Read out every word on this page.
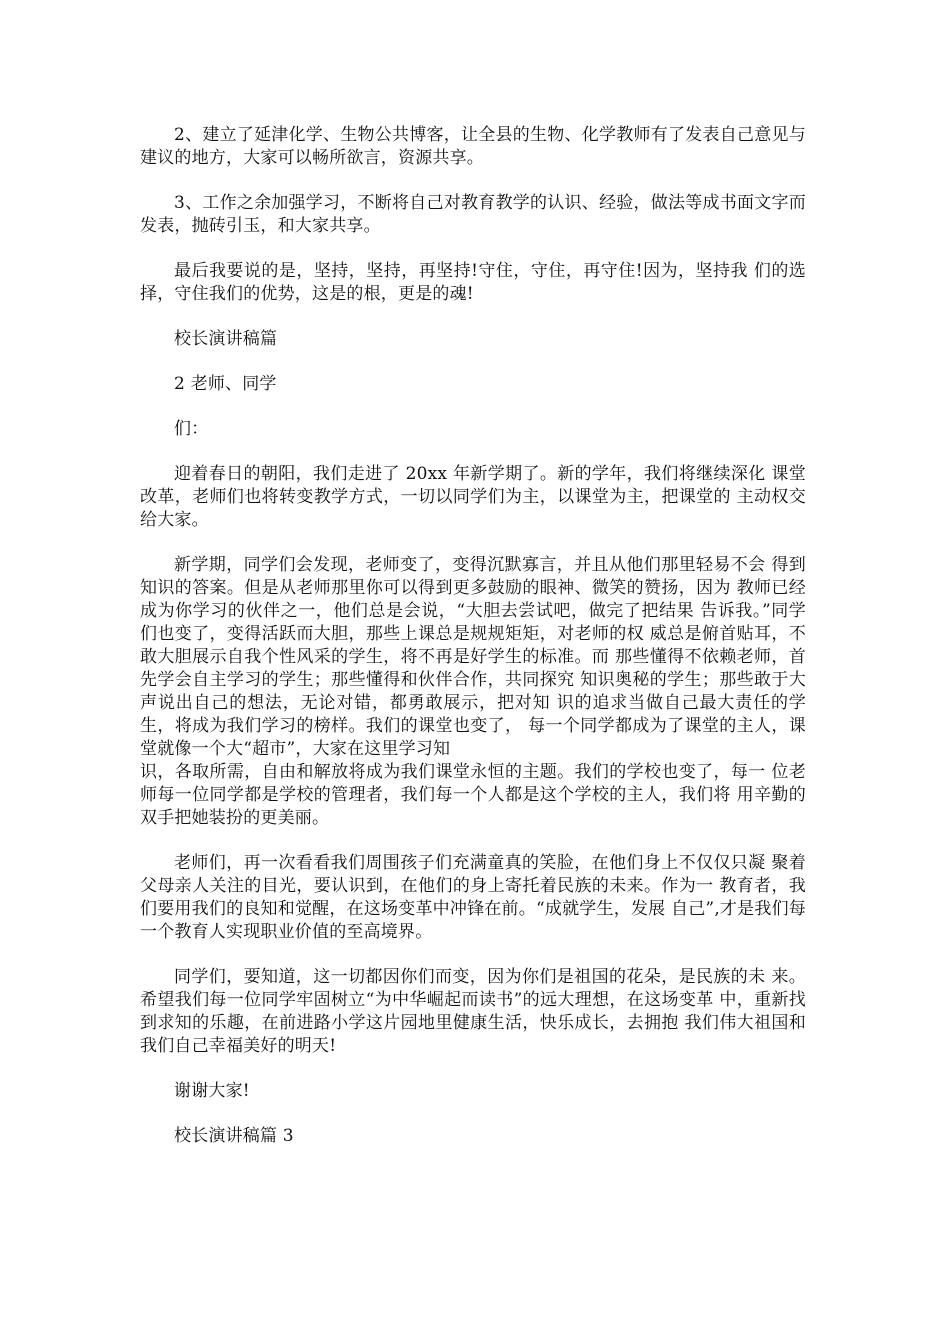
2、建立了延津化学、生物公共博客，让全县的生物、化学教师有了发表自己意见与建议的地方，大家可以畅所欲言，资源共享。

3、工作之余加强学习，不断将自己对教育教学的认识、经验，做法等成书面文字而发表，抛砖引玉，和大家共享。

最后我要说的是，坚持，坚持，再坚持!守住，守住，再守住!因为，坚持我 们的选择，守住我们的优势，这是的根，更是的魂!

校长演讲稿篇

2 老师、同学

们：

迎着春日的朝阳，我们走进了 20xx 年新学期了。新的学年，我们将继续深化 课堂改革，老师们也将转变教学方式，一切以同学们为主，以课堂为主，把课堂的 主动权交给大家。

新学期，同学们会发现，老师变了，变得沉默寡言，并且从他们那里轻易不会 得到知识的答案。但是从老师那里你可以得到更多鼓励的眼神、微笑的赞扬，因为 教师已经成为你学习的伙伴之一，他们总是会说，“大胆去尝试吧，做完了把结果 告诉我。”同学们也变了，变得活跃而大胆，那些上课总是规规矩矩，对老师的权 威总是俯首贴耳，不敢大胆展示自我个性风采的学生，将不再是好学生的标准。而 那些懂得不依赖老师，首先学会自主学习的学生；那些懂得和伙伴合作，共同探究 知识奥秘的学生；那些敢于大声说出自己的想法，无论对错，都勇敢展示，把对知 识的追求当做自己最大责任的学生，将成为我们学习的榜样。我们的课堂也变了， 每一个同学都成为了课堂的主人，课堂就像一个大“超市”，大家在这里学习知

识，各取所需，自由和解放将成为我们课堂永恒的主题。我们的学校也变了，每一 位老师每一位同学都是学校的管理者，我们每一个人都是这个学校的主人，我们将 用辛勤的双手把她装扮的更美丽。

老师们，再一次看看我们周围孩子们充满童真的笑脸，在他们身上不仅仅只凝 聚着父母亲人关注的目光，要认识到，在他们的身上寄托着民族的未来。作为一 教育者，我们要用我们的良知和觉醒，在这场变革中冲锋在前。“成就学生，发展 自己”,才是我们每一个教育人实现职业价值的至高境界。

同学们，要知道，这一切都因你们而变，因为你们是祖国的花朵，是民族的未 来。希望我们每一位同学牢固树立“为中华崛起而读书”的远大理想，在这场变革 中，重新找到求知的乐趣，在前进路小学这片园地里健康生活，快乐成长，去拥抱 我们伟大祖国和我们自己幸福美好的明天!

谢谢大家!

校长演讲稿篇 3
